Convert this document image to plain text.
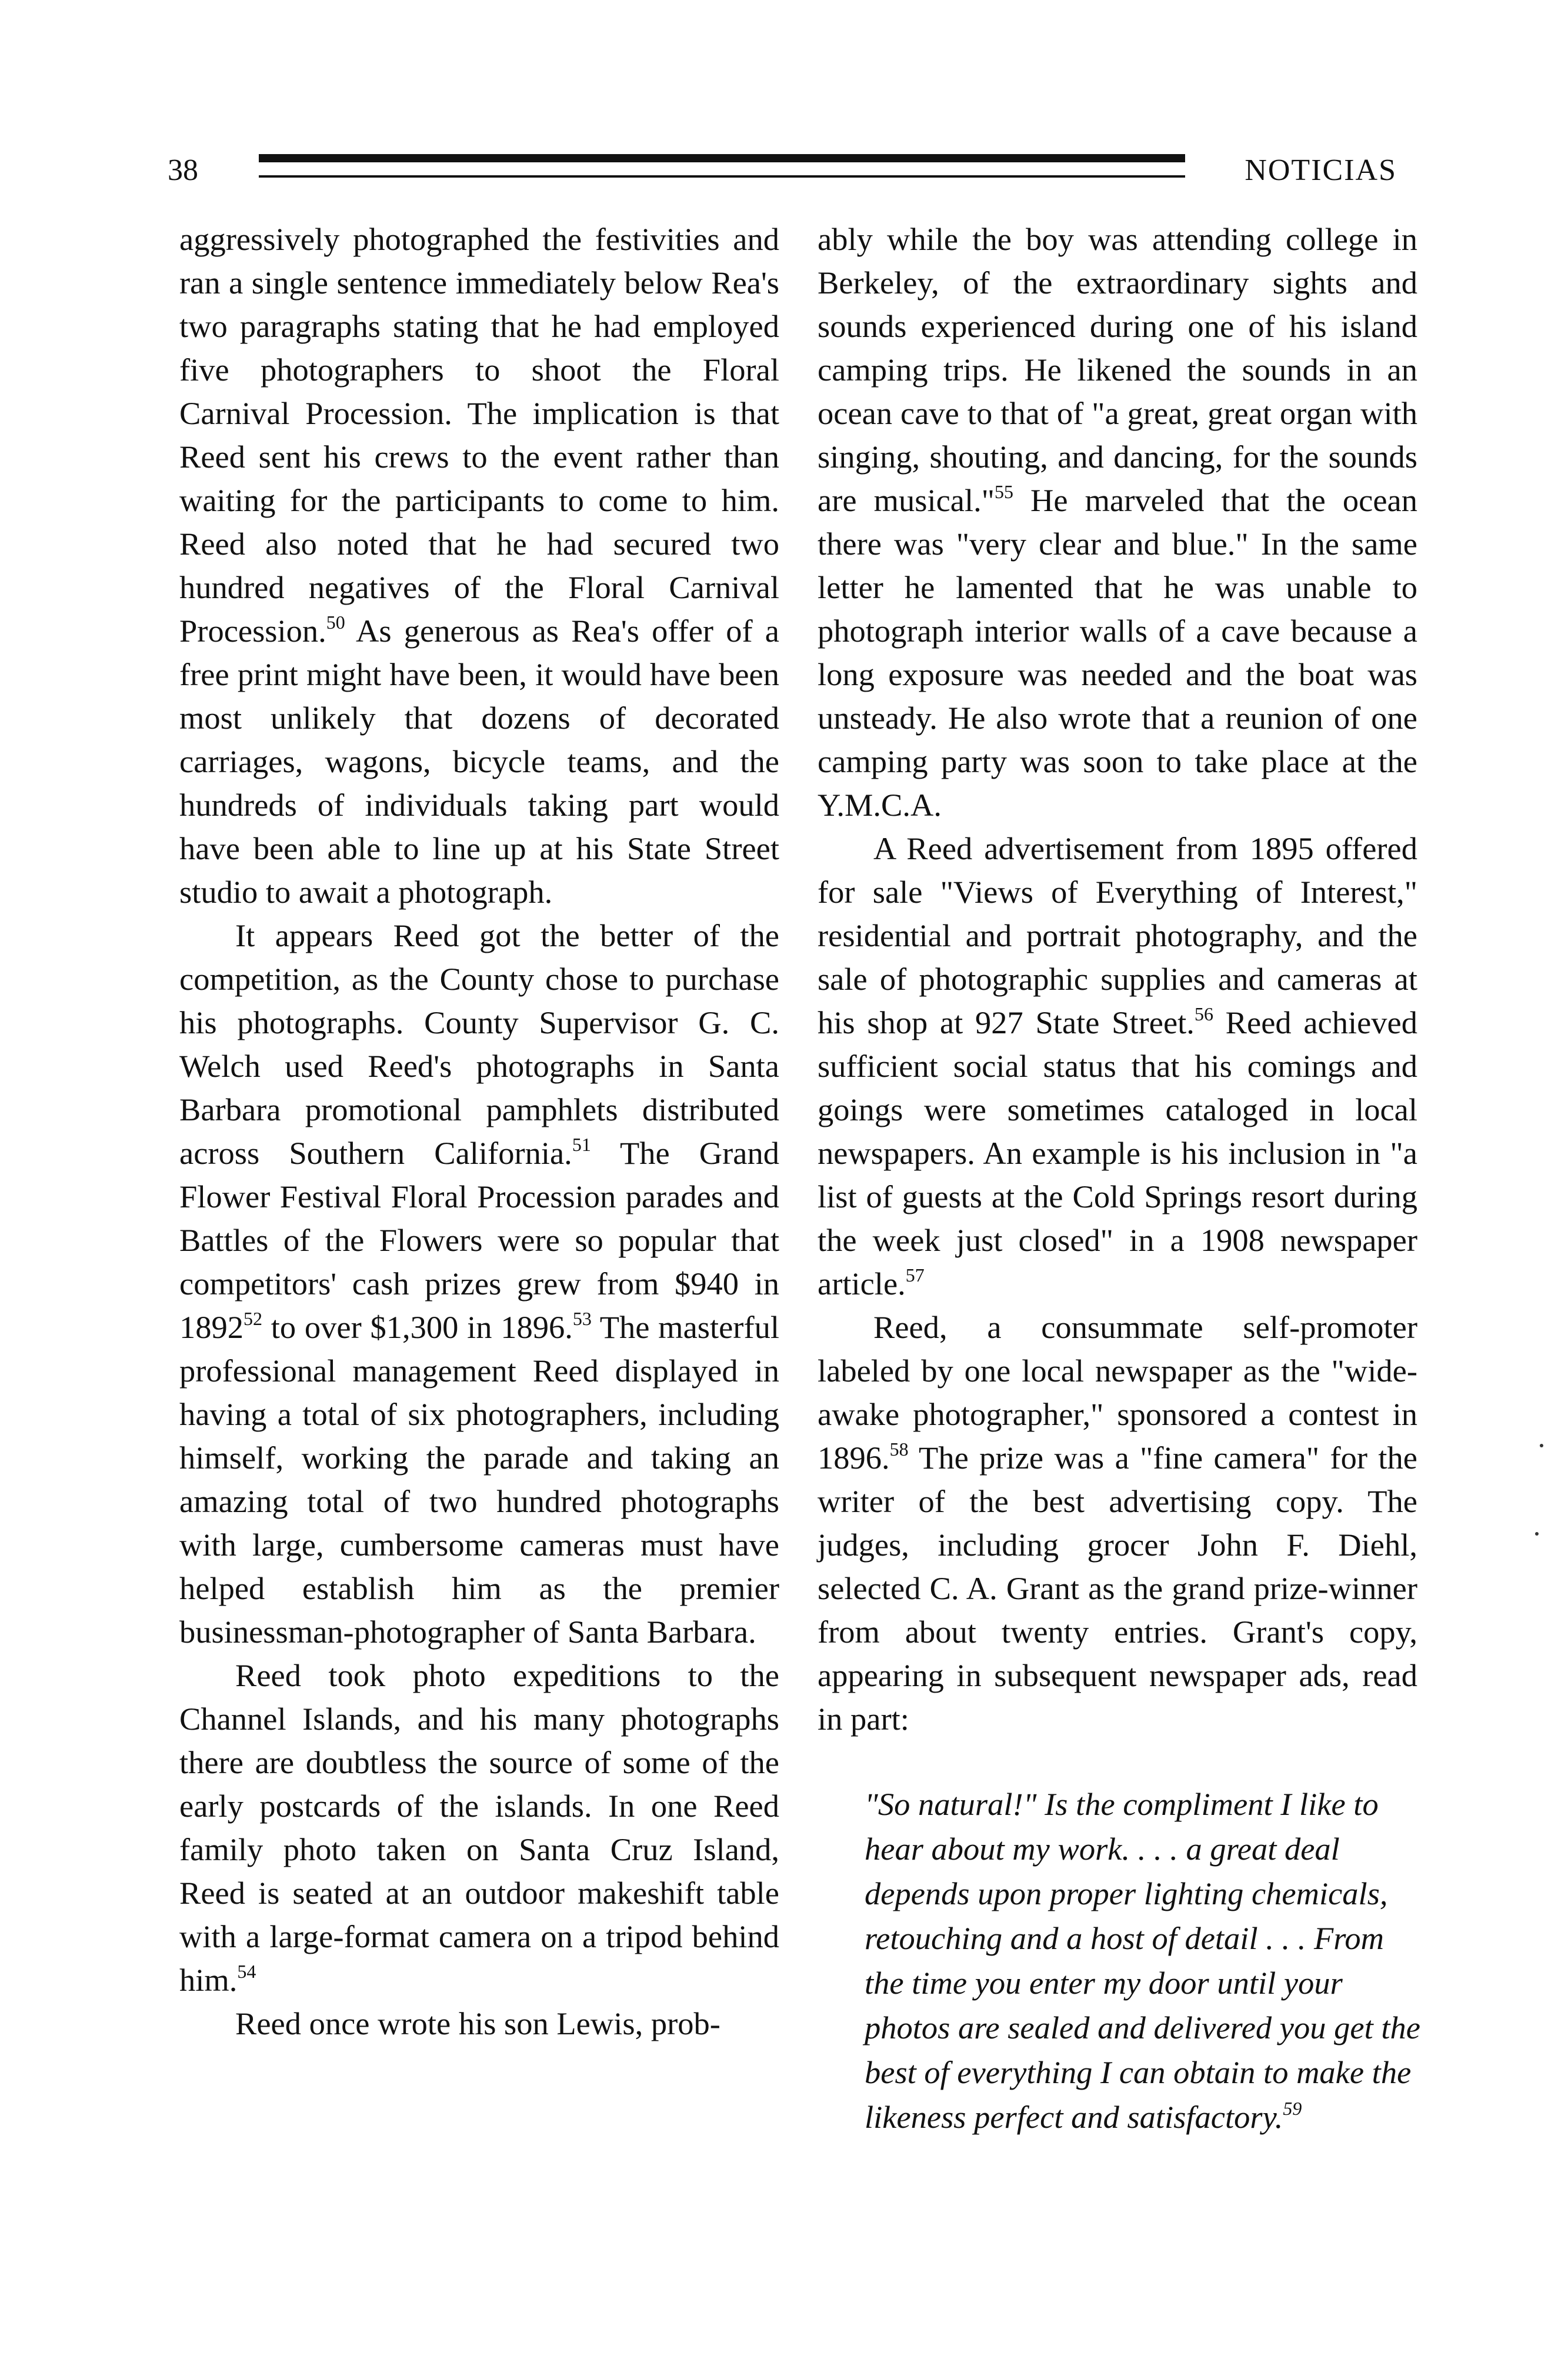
38	NOTICIAS

aggressively photographed the festivities and ran a single sentence immediately below Rea's two paragraphs stating that he had employed five photographers to shoot the Floral Carnival Procession. The implication is that Reed sent his crews to the event rather than waiting for the participants to come to him. Reed also noted that he had secured two hundred negatives of the Floral Carnival Procession.$^{50}$ As generous as Rea's offer of a free print might have been, it would have been most unlikely that dozens of decorated carriages, wagons, bicycle teams, and the hundreds of individuals taking part would have been able to line up at his State Street studio to await a photograph.

It appears Reed got the better of the competition, as the County chose to purchase his photographs. County Supervisor G. C. Welch used Reed's photographs in Santa Barbara promotional pamphlets distributed across Southern California.$^{51}$ The Grand Flower Festival Floral Procession parades and Battles of the Flowers were so popular that competitors' cash prizes grew from $940 in 1892$^{52}$ to over $1,300 in 1896.53 The masterful professional management Reed displayed in having a total of six photographers, including himself, working the parade and taking an amazing total of two hundred photographs with large, cumbersome cameras must have helped establish him as the premier businessman-photographer of Santa Barbara.

Reed took photo expeditions to the Channel Islands, and his many photographs there are doubtless the source of some of the early postcards of the islands. In one Reed family photo taken on Santa Cruz Island, Reed is seated at an outdoor makeshift table with a large-format camera on a tripod behind him.$^{54}$

Reed once wrote his son Lewis, prob-

ably while the boy was attending college in Berkeley, of the extraordinary sights and sounds experienced during one of his island camping trips. He likened the sounds in an ocean cave to that of "a great, great organ with singing, shouting, and dancing, for the sounds are musical."$^{55}$ He marveled that the ocean there was "very clear and blue." In the same letter he lamented that he was unable to photograph interior walls of a cave because a long exposure was needed and the boat was unsteady. He also wrote that a reunion of one camping party was soon to take place at the Y.M.C.A.

A Reed advertisement from 1895 offered for sale "Views of Everything of Interest," residential and portrait photography, and the sale of photographic supplies and cameras at his shop at 927 State Street.$^{56}$ Reed achieved sufficient social status that his comings and goings were sometimes cataloged in local newspapers. An example is his inclusion in "a list of guests at the Cold Springs resort during the week just closed" in a 1908 newspaper article.$^{57}$

Reed, a consummate self-promoter labeled by one local newspaper as the "wide-awake photographer," sponsored a contest in 1896.58 The prize was a "fine camera" for the writer of the best advertising copy. The judges, including grocer John F. Diehl, selected C. A. Grant as the grand prize-winner from about twenty entries. Grant's copy, appearing in subsequent newspaper ads, read in part:

"So natural!" Is the compliment I like to hear about my work. . . . a great deal depends upon proper lighting chemicals, retouching and a host of detail . . . From the time you enter my door until your photos are sealed and delivered you get the best of everything I can obtain to make the likeness perfect and satisfactory.$^{59}$
